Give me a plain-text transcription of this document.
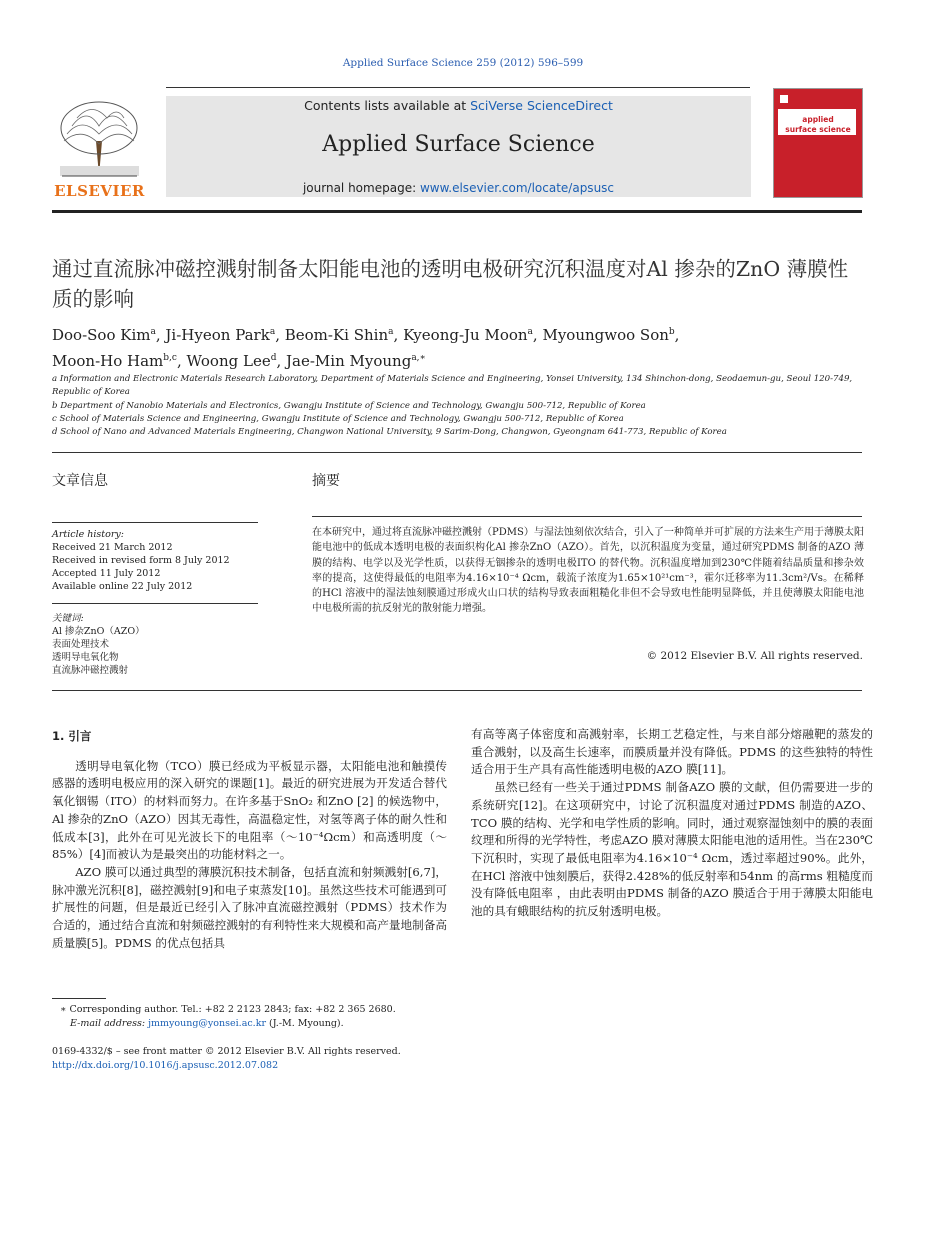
Applied Surface Science 259 (2012) 596–599
ELSEVIER
Contents lists available at SciVerse ScienceDirect
Applied Surface Science
journal homepage: www.elsevier.com/locate/apsusc
applied
surface science
通过直流脉冲磁控溅射制备太阳能电池的透明电极研究沉积温度对Al 掺杂的ZnO 薄膜性质的影响
Doo-Soo Kim$^a$, Ji-Hyeon Park$^a$, Beom-Ki Shin$^a$, Kyeong-Ju Moon$^a$, Myoungwoo Son$^b$,
Moon-Ho Ham$^{b,c}$, Woong Lee$^d$, Jae-Min Myoung$^{a,∗}$
a Information and Electronic Materials Research Laboratory, Department of Materials Science and Engineering, Yonsei University, 134 Shinchon-dong, Seodaemun-gu, Seoul 120-749, Republic of Korea
b Department of Nanobio Materials and Electronics, Gwangju Institute of Science and Technology, Gwangju 500-712, Republic of Korea
c School of Materials Science and Engineering, Gwangju Institute of Science and Technology, Gwangju 500-712, Republic of Korea
d School of Nano and Advanced Materials Engineering, Changwon National University, 9 Sarim-Dong, Changwon, Gyeongnam 641-773, Republic of Korea
文章信息
Article history:
Received 21 March 2012
Received in revised form 8 July 2012
Accepted 11 July 2012
Available online 22 July 2012
关键词:
Al 掺杂ZnO（AZO）
表面处理技术
透明导电氧化物
直流脉冲磁控溅射
摘要
在本研究中，通过将直流脉冲磁控溅射（PDMS）与湿法蚀刻依次结合，引入了一种简单并可扩展的方法来生产用于薄膜太阳能电池中的低成本透明电极的表面织构化Al 掺杂ZnO（AZO）。首先，以沉积温度为变量，通过研究PDMS 制备的AZO 薄膜的结构、电学以及光学性质，以获得无铟掺杂的透明电极ITO 的替代物。沉积温度增加到230℃伴随着结晶质量和掺杂效率的提高，这使得最低的电阻率为4.16×10⁻⁴ Ωcm，载流子浓度为1.65×10²¹cm⁻³，霍尔迁移率为11.3cm²/Vs。在稀释的HCl 溶液中的湿法蚀刻膜通过形成火山口状的结构导致表面粗糙化非但不会导致电性能明显降低，并且使薄膜太阳能电池中电极所需的抗反射光的散射能力增强。
© 2012 Elsevier B.V. All rights reserved.

1. 引言

透明导电氧化物（TCO）膜已经成为平板显示器，太阳能电池和触摸传感器的透明电极应用的深入研究的课题[1]。最近的研究进展为开发适合替代氧化铟锡（ITO）的材料而努力。在许多基于SnO₂ 和ZnO [2] 的候选物中，Al 掺杂的ZnO（AZO）因其无毒性，高温稳定性，对氢等离子体的耐久性和低成本[3]，此外在可见光波长下的电阻率（～10⁻⁴Ωcm）和高透明度（～85%）[4]而被认为是最突出的功能材料之一。

AZO 膜可以通过典型的薄膜沉积技术制备，包括直流和射频溅射[6,7]，脉冲激光沉积[8]，磁控溅射[9]和电子束蒸发[10]。虽然这些技术可能遇到可扩展性的问题，但是最近已经引入了脉冲直流磁控溅射（PDMS）技术作为合适的，通过结合直流和射频磁控溅射的有利特性来大规模和高产量地制备高质量膜[5]。PDMS 的优点包括具

有高等离子体密度和高溅射率，长期工艺稳定性，与来自部分熔融靶的蒸发的重合溅射，以及高生长速率，而膜质量并没有降低。PDMS 的这些独特的特性适合用于生产具有高性能透明电极的AZO 膜[11]。

虽然已经有一些关于通过PDMS 制备AZO 膜的文献，但仍需要进一步的系统研究[12]。在这项研究中，讨论了沉积温度对通过PDMS 制造的AZO、TCO 膜的结构、光学和电学性质的影响。同时，通过观察湿蚀刻中的膜的表面纹理和所得的光学特性，考虑AZO 膜对薄膜太阳能电池的适用性。当在230℃下沉积时，实现了最低电阻率为4.16×10⁻⁴ Ωcm，透过率超过90%。此外，在HCl 溶液中蚀刻膜后，获得2.428%的低反射率和54nm 的高rms 粗糙度而没有降低电阻率 ，由此表明由PDMS 制备的AZO 膜适合于用于薄膜太阳能电池的具有蛾眼结构的抗反射透明电极。

∗ Corresponding author. Tel.: +82 2 2123 2843; fax: +82 2 365 2680.
E-mail address: jmmyoung@yonsei.ac.kr (J.-M. Myoung).
0169-4332/$ – see front matter © 2012 Elsevier B.V. All rights reserved.
http://dx.doi.org/10.1016/j.apsusc.2012.07.082
